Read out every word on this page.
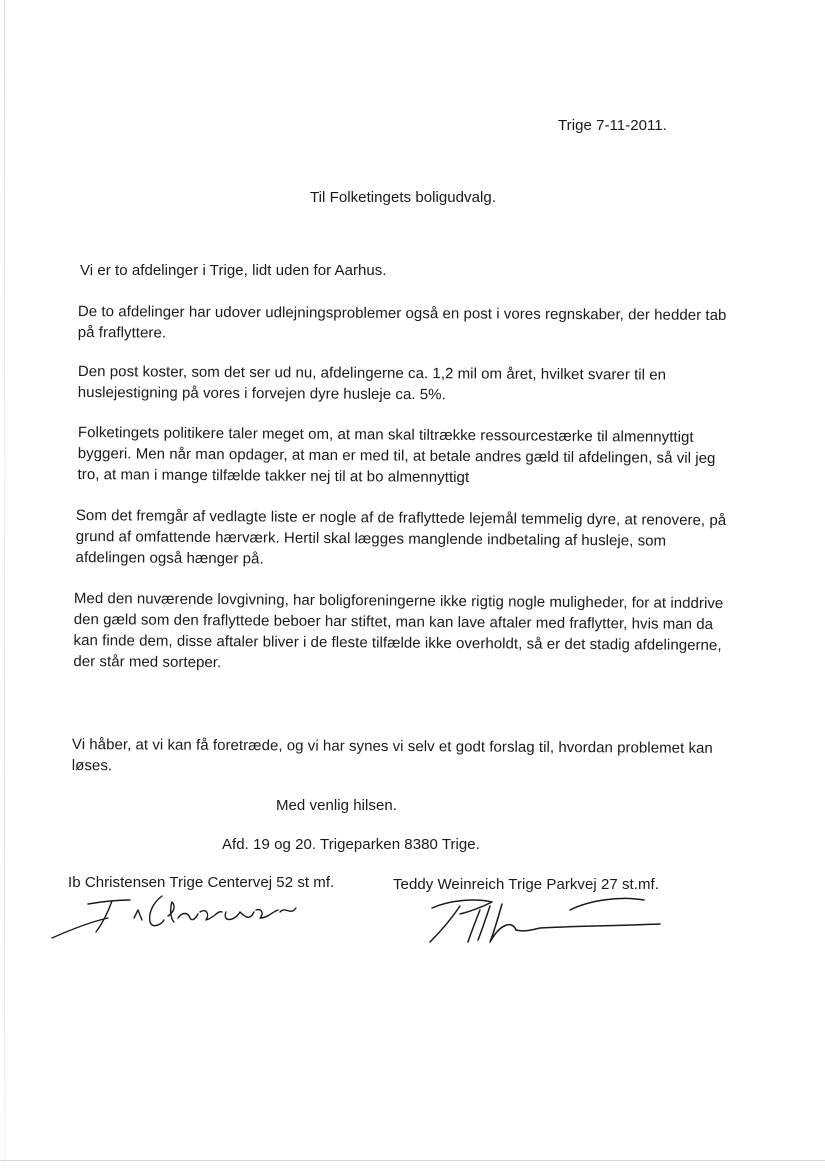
Trige 7-11-2011.
Til Folketingets boligudvalg.
Vi er to afdelinger i Trige, lidt uden for Aarhus.
De to afdelinger har udover udlejningsproblemer også en post i vores regnskaber, der hedder tab
på fraflyttere.
Den post koster, som det ser ud nu, afdelingerne ca. 1,2 mil om året, hvilket svarer til en
huslejestigning på vores i forvejen dyre husleje ca. 5%.
Folketingets politikere taler meget om, at man skal tiltrække ressourcestærke til almennyttigt
byggeri. Men når man opdager, at man er med til, at betale andres gæld til afdelingen, så vil jeg
tro, at man i mange tilfælde takker nej til at bo almennyttigt
Som det fremgår af vedlagte liste er nogle af de fraflyttede lejemål temmelig dyre, at renovere, på
grund af omfattende hærværk. Hertil skal lægges manglende indbetaling af husleje, som
afdelingen også hænger på.
Med den nuværende lovgivning, har boligforeningerne ikke rigtig nogle muligheder, for at inddrive
den gæld som den fraflyttede beboer har stiftet, man kan lave aftaler med fraflytter, hvis man da
kan finde dem, disse aftaler bliver i de fleste tilfælde ikke overholdt, så er det stadig afdelingerne,
der står med sorteper.
Vi håber, at vi kan få foretræde, og vi har synes vi selv et godt forslag til, hvordan problemet kan
løses.
Med venlig hilsen.
Afd. 19 og 20. Trigeparken 8380 Trige.
Ib Christensen Trige Centervej 52 st mf.	Teddy Weinreich Trige Parkvej 27 st.mf.
